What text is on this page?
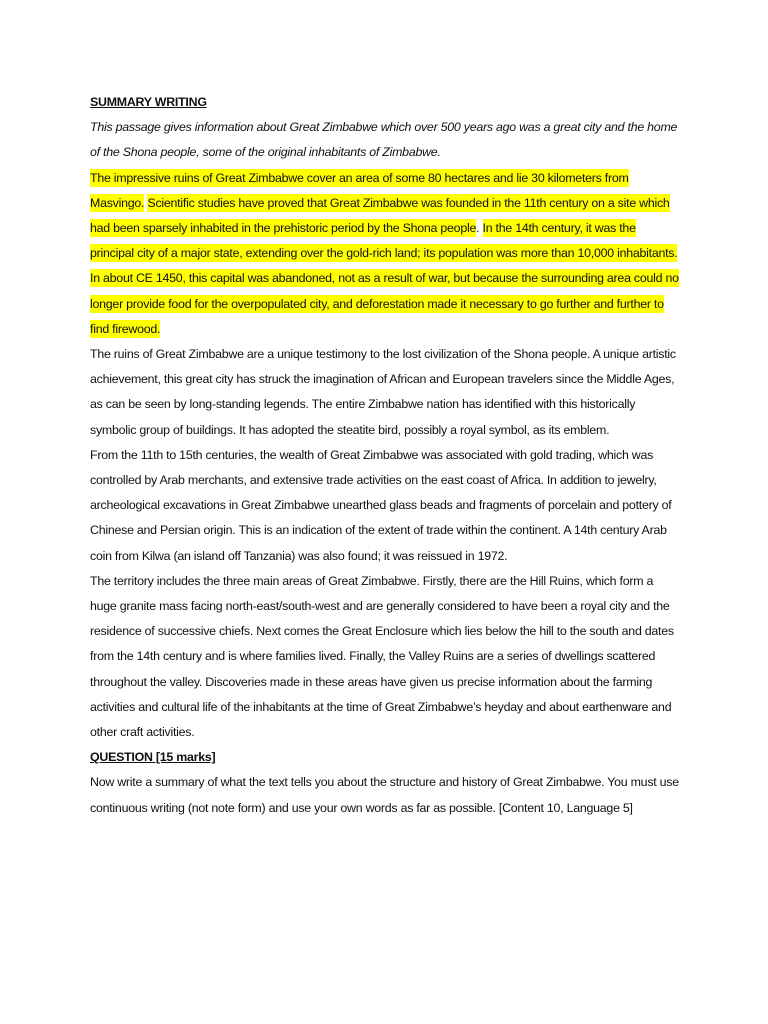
SUMMARY WRITING

This passage gives information about Great Zimbabwe which over 500 years ago was a great city and the home of the Shona people, some of the original inhabitants of Zimbabwe.

The impressive ruins of Great Zimbabwe cover an area of some 80 hectares and lie 30 kilometers from Masvingo. Scientific studies have proved that Great Zimbabwe was founded in the 11th century on a site which had been sparsely inhabited in the prehistoric period by the Shona people. In the 14th century, it was the principal city of a major state, extending over the gold-rich land; its population was more than 10,000 inhabitants. In about CE 1450, this capital was abandoned, not as a result of war, but because the surrounding area could no longer provide food for the overpopulated city, and deforestation made it necessary to go further and further to find firewood.

The ruins of Great Zimbabwe are a unique testimony to the lost civilization of the Shona people. A unique artistic achievement, this great city has struck the imagination of African and European travelers since the Middle Ages, as can be seen by long-standing legends. The entire Zimbabwe nation has identified with this historically symbolic group of buildings. It has adopted the steatite bird, possibly a royal symbol, as its emblem.

From the 11th to 15th centuries, the wealth of Great Zimbabwe was associated with gold trading, which was controlled by Arab merchants, and extensive trade activities on the east coast of Africa. In addition to jewelry, archeological excavations in Great Zimbabwe unearthed glass beads and fragments of porcelain and pottery of Chinese and Persian origin. This is an indication of the extent of trade within the continent. A 14th century Arab coin from Kilwa (an island off Tanzania) was also found; it was reissued in 1972.

The territory includes the three main areas of Great Zimbabwe. Firstly, there are the Hill Ruins, which form a huge granite mass facing north-east/south-west and are generally considered to have been a royal city and the residence of successive chiefs. Next comes the Great Enclosure which lies below the hill to the south and dates from the 14th century and is where families lived. Finally, the Valley Ruins are a series of dwellings scattered throughout the valley. Discoveries made in these areas have given us precise information about the farming activities and cultural life of the inhabitants at the time of Great Zimbabwe’s heyday and about earthenware and other craft activities.

QUESTION [15 marks]

Now write a summary of what the text tells you about the structure and history of Great Zimbabwe. You must use continuous writing (not note form) and use your own words as far as possible. [Content 10, Language 5]
